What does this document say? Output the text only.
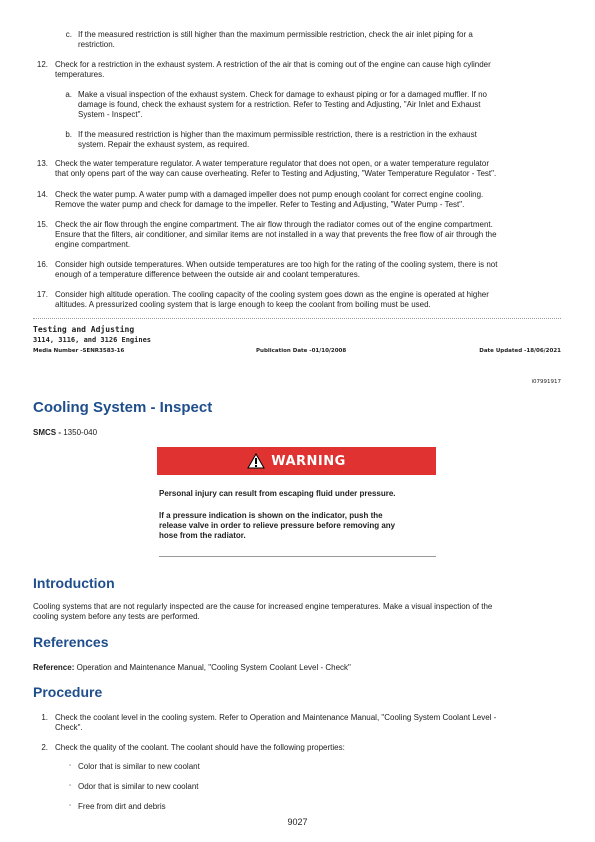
c. If the measured restriction is still higher than the maximum permissible restriction, check the air inlet piping for a

restriction.

12. Check for a restriction in the exhaust system. A restriction of the air that is coming out of the engine can cause high cylinder

temperatures.

a. Make a visual inspection of the exhaust system. Check for damage to exhaust piping or for a damaged muffler. If no

damage is found, check the exhaust system for a restriction. Refer to Testing and Adjusting, "Air Inlet and Exhaust

System - Inspect".

b. If the measured restriction is higher than the maximum permissible restriction, there is a restriction in the exhaust

system. Repair the exhaust system, as required.

13. Check the water temperature regulator. A water temperature regulator that does not open, or a water temperature regulator

that only opens part of the way can cause overheating. Refer to Testing and Adjusting, "Water Temperature Regulator - Test".

14. Check the water pump. A water pump with a damaged impeller does not pump enough coolant for correct engine cooling.

Remove the water pump and check for damage to the impeller. Refer to Testing and Adjusting, "Water Pump - Test".

15. Check the air flow through the engine compartment. The air flow through the radiator comes out of the engine compartment.

Ensure that the filters, air conditioner, and similar items are not installed in a way that prevents the free flow of air through the

engine compartment.

16. Consider high outside temperatures. When outside temperatures are too high for the rating of the cooling system, there is not

enough of a temperature difference between the outside air and coolant temperatures.

17. Consider high altitude operation. The cooling capacity of the cooling system goes down as the engine is operated at higher

altitudes. A pressurized cooling system that is large enough to keep the coolant from boiling must be used.

Testing and Adjusting

3114, 3116, and 3126 Engines

Media Number -SENR3583-16	Publication Date -01/10/2008	Date Updated -18/06/2021
i07991917
Cooling System - Inspect

SMCS - 1350-040

WARNING

Personal injury can result from escaping fluid under pressure.

If a pressure indication is shown on the indicator, push the

release valve in order to relieve pressure before removing any

hose from the radiator.

Introduction

Cooling systems that are not regularly inspected are the cause for increased engine temperatures. Make a visual inspection of the

cooling system before any tests are performed.

References

Reference: Operation and Maintenance Manual, "Cooling System Coolant Level - Check"

Procedure
1. Check the coolant level in the cooling system. Refer to Operation and Maintenance Manual, "Cooling System Coolant Level -

Check".

2. Check the quality of the coolant. The coolant should have the following properties:

▫ Color that is similar to new coolant

▫ Odor that is similar to new coolant

▫ Free from dirt and debris

9027
